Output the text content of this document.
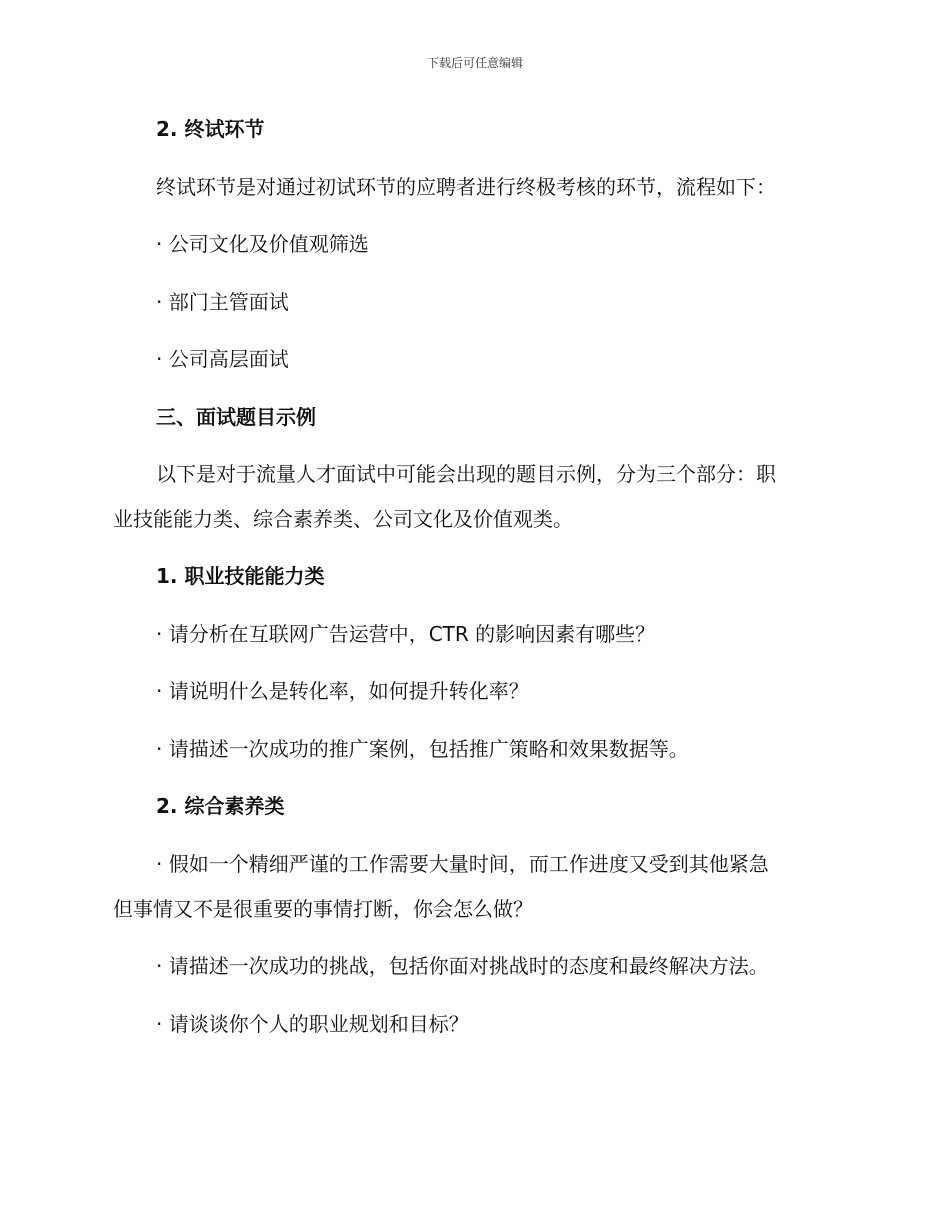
下载后可任意编辑
2. 终试环节
终试环节是对通过初试环节的应聘者进行终极考核的环节，流程如下：
· 公司文化及价值观筛选
· 部门主管面试
· 公司高层面试
三、面试题目示例
以下是对于流量人才面试中可能会出现的题目示例，分为三个部分：职
业技能能力类、综合素养类、公司文化及价值观类。
1. 职业技能能力类
· 请分析在互联网广告运营中，CTR 的影响因素有哪些？
· 请说明什么是转化率，如何提升转化率？
· 请描述一次成功的推广案例，包括推广策略和效果数据等。
2. 综合素养类
· 假如一个精细严谨的工作需要大量时间，而工作进度又受到其他紧急
但事情又不是很重要的事情打断，你会怎么做？
· 请描述一次成功的挑战，包括你面对挑战时的态度和最终解决方法。
· 请谈谈你个人的职业规划和目标？
